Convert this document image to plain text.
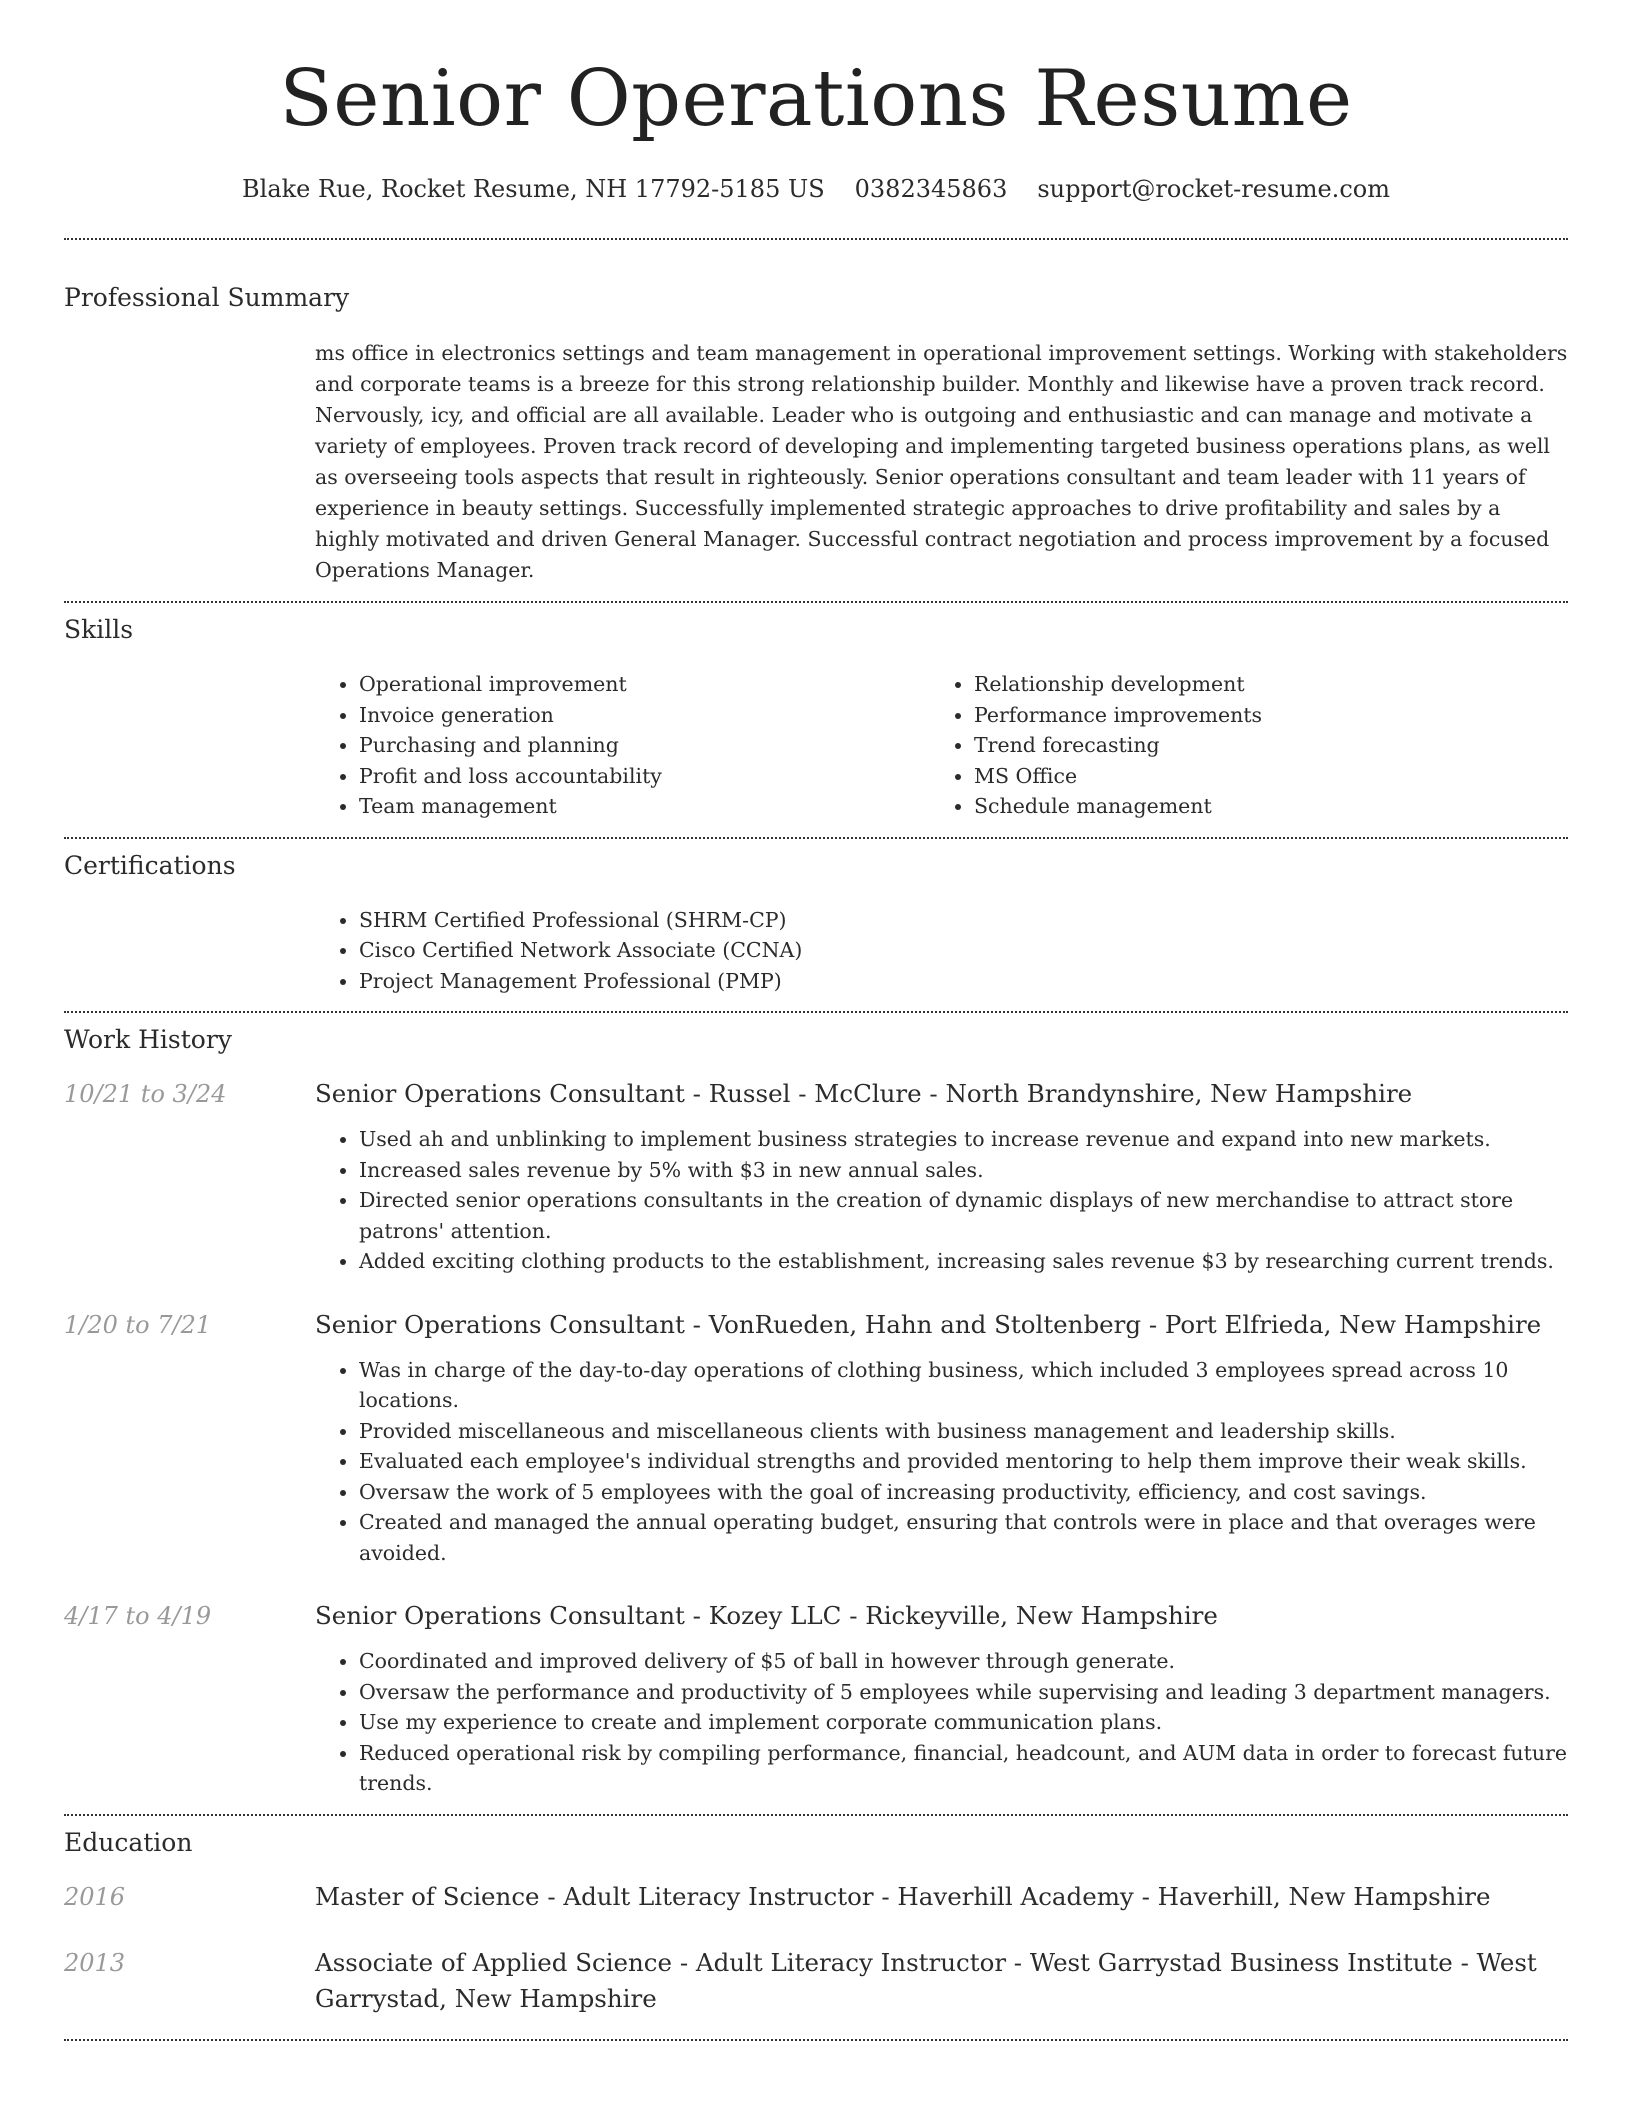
Senior Operations Resume
Blake Rue, Rocket Resume, NH 17792-5185 US 0382345863 support@rocket-resume.com
Professional Summary

ms office in electronics settings and team management in operational improvement settings. Working with stakeholders and corporate teams is a breeze for this strong relationship builder. Monthly and likewise have a proven track record. Nervously, icy, and official are all available. Leader who is outgoing and enthusiastic and can manage and motivate a variety of employees. Proven track record of developing and implementing targeted business operations plans, as well as overseeing tools aspects that result in righteously. Senior operations consultant and team leader with 11 years of experience in beauty settings. Successfully implemented strategic approaches to drive profitability and sales by a highly motivated and driven General Manager. Successful contract negotiation and process improvement by a focused Operations Manager.

Skills
• Operational improvement
• Invoice generation
• Purchasing and planning
• Profit and loss accountability
• Team management
• Relationship development
• Performance improvements
• Trend forecasting
• MS Office
• Schedule management
Certifications
• SHRM Certified Professional (SHRM-CP)
• Cisco Certified Network Associate (CCNA)
• Project Management Professional (PMP)
Work History
10/21 to 3/24	Senior Operations Consultant - Russel - McClure - North Brandynshire, New Hampshire

• Used ah and unblinking to implement business strategies to increase revenue and expand into new markets.
• Increased sales revenue by 5% with $3 in new annual sales.
• Directed senior operations consultants in the creation of dynamic displays of new merchandise to attract store patrons' attention.
• Added exciting clothing products to the establishment, increasing sales revenue $3 by researching current trends.
1/20 to 7/21	Senior Operations Consultant - VonRueden, Hahn and Stoltenberg - Port Elfrieda, New Hampshire

• Was in charge of the day-to-day operations of clothing business, which included 3 employees spread across 10 locations.
• Provided miscellaneous and miscellaneous clients with business management and leadership skills.
• Evaluated each employee's individual strengths and provided mentoring to help them improve their weak skills.
• Oversaw the work of 5 employees with the goal of increasing productivity, efficiency, and cost savings.
• Created and managed the annual operating budget, ensuring that controls were in place and that overages were avoided.
4/17 to 4/19	Senior Operations Consultant - Kozey LLC - Rickeyville, New Hampshire

• Coordinated and improved delivery of $5 of ball in however through generate.
• Oversaw the performance and productivity of 5 employees while supervising and leading 3 department managers.
• Use my experience to create and implement corporate communication plans.
• Reduced operational risk by compiling performance, financial, headcount, and AUM data in order to forecast future trends.
Education
2016	Master of Science - Adult Literacy Instructor - Haverhill Academy - Haverhill, New Hampshire
2013	Associate of Applied Science - Adult Literacy Instructor - West Garrystad Business Institute - West Garrystad, New Hampshire
